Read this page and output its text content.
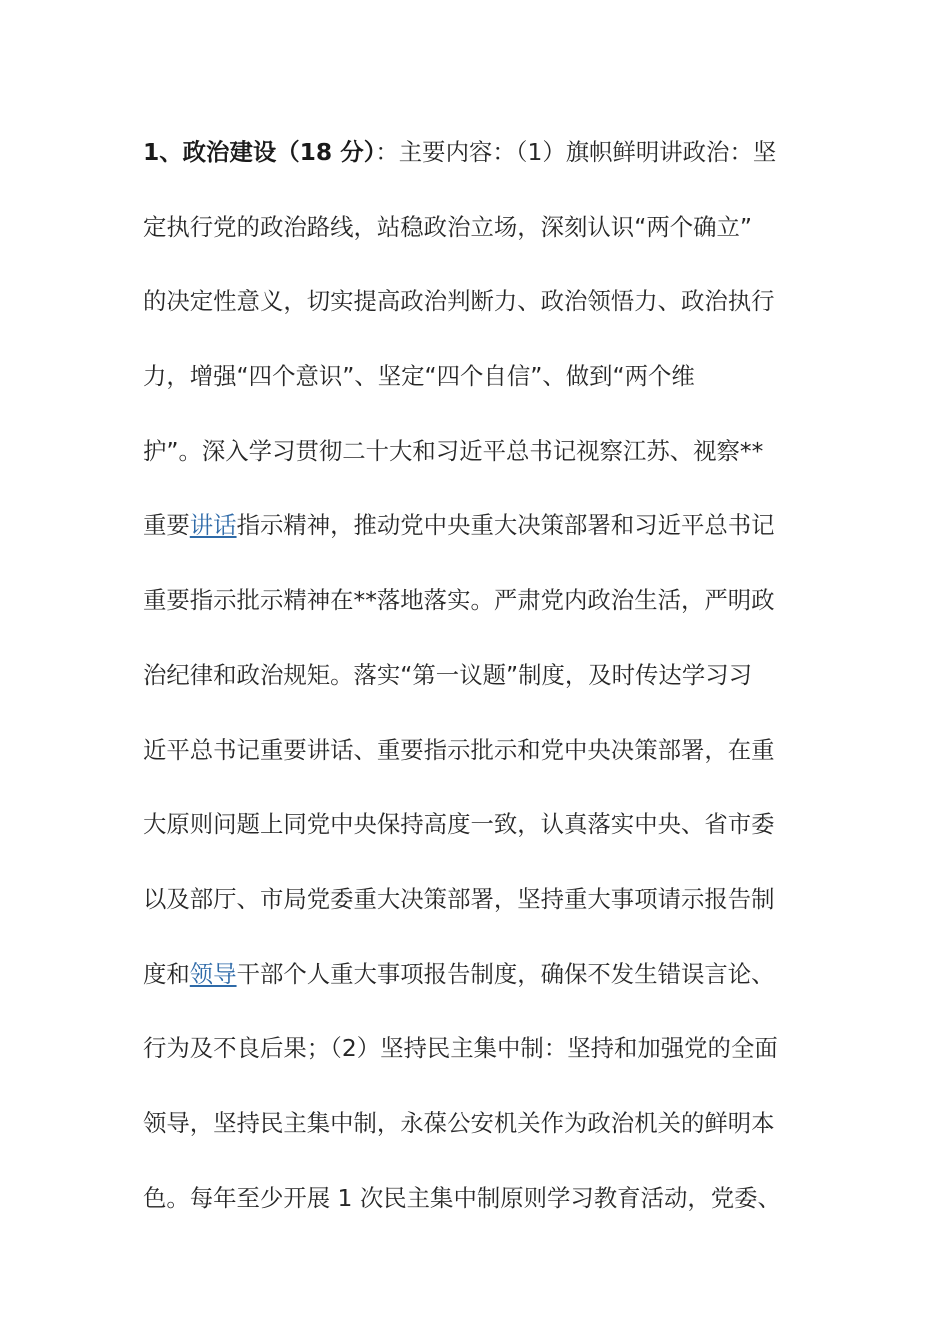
1、政治建设（18 分）：主要内容：（1）旗帜鲜明讲政治：坚
定执行党的政治路线，站稳政治立场，深刻认识“两个确立”
的决定性意义，切实提高政治判断力、政治领悟力、政治执行
力，增强“四个意识”、坚定“四个自信”、做到“两个维
护”。深入学习贯彻二十大和习近平总书记视察江苏、视察**
重要讲话指示精神，推动党中央重大决策部署和习近平总书记
重要指示批示精神在**落地落实。严肃党内政治生活，严明政
治纪律和政治规矩。落实“第一议题”制度，及时传达学习习
近平总书记重要讲话、重要指示批示和党中央决策部署，在重
大原则问题上同党中央保持高度一致，认真落实中央、省市委
以及部厅、市局党委重大决策部署，坚持重大事项请示报告制
度和领导干部个人重大事项报告制度，确保不发生错误言论、
行为及不良后果；（2）坚持民主集中制：坚持和加强党的全面
领导，坚持民主集中制，永葆公安机关作为政治机关的鲜明本
色。每年至少开展 1 次民主集中制原则学习教育活动，党委、
